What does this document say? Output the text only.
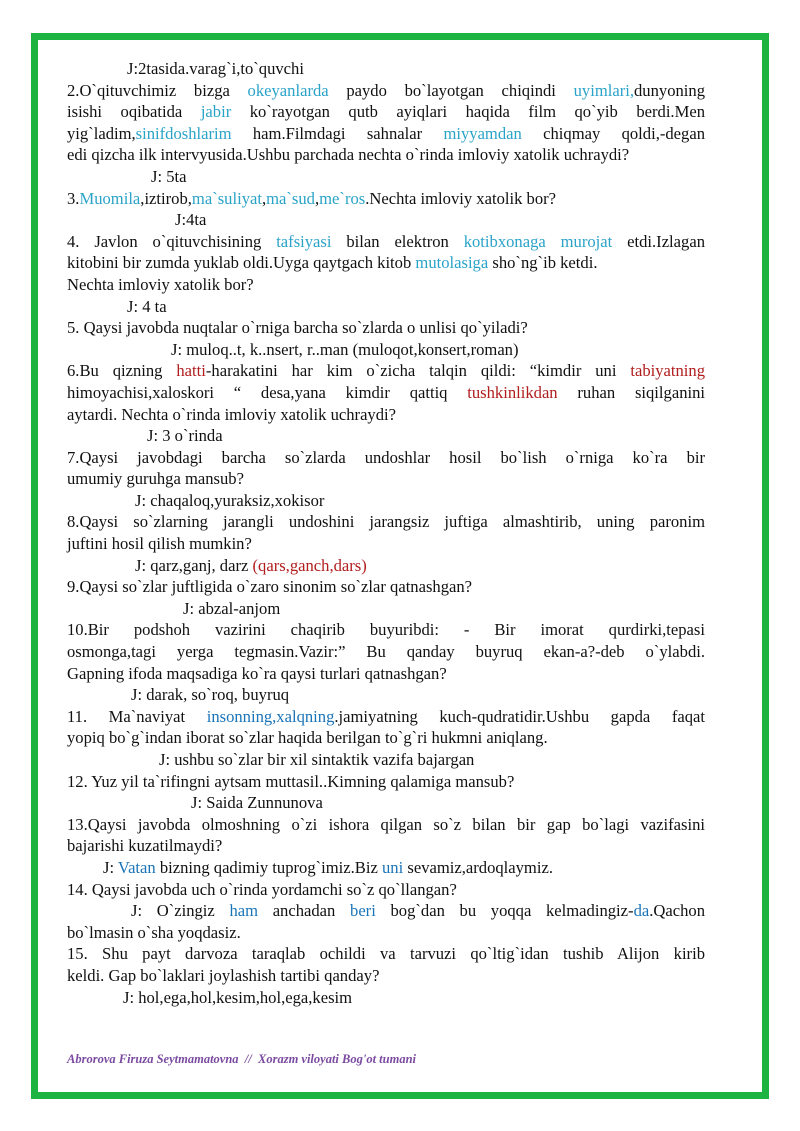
J:2tasida.varag`i,to`quvchi
2.O`qituvchimiz bizga okeyanlarda paydo bo`layotgan chiqindi uyimlari,dunyoning
isishi oqibatida jabir ko`rayotgan qutb ayiqlari haqida film qo`yib berdi.Men
yig`ladim,sinifdoshlarim ham.Filmdagi sahnalar miyyamdan chiqmay qoldi,-degan
edi qizcha ilk intervyusida.Ushbu parchada nechta o`rinda imloviy xatolik uchraydi?
J: 5ta
3.Muomila,iztirob,ma`suliyat,ma`sud,me`ros.Nechta imloviy xatolik bor?
J:4ta
4. Javlon o`qituvchisining tafsiyasi bilan elektron kotibxonaga murojat etdi.Izlagan
kitobini bir zumda yuklab oldi.Uyga qaytgach kitob mutolasiga sho`ng`ib ketdi.
Nechta imloviy xatolik bor?
J: 4 ta
5. Qaysi javobda nuqtalar o`rniga barcha so`zlarda o unlisi qo`yiladi?
J: muloq..t, k..nsert, r..man (muloqot,konsert,roman)
6.Bu qizning hatti-harakatini har kim o`zicha talqin qildi: “kimdir uni tabiyatning
himoyachisi,xaloskori “ desa,yana kimdir qattiq tushkinlikdan ruhan siqilganini
aytardi. Nechta o`rinda imloviy xatolik uchraydi?
J: 3 o`rinda
7.Qaysi javobdagi barcha so`zlarda undoshlar hosil bo`lish o`rniga ko`ra bir
umumiy guruhga mansub?
J: chaqaloq,yuraksiz,xokisor
8.Qaysi so`zlarning jarangli undoshini jarangsiz juftiga almashtirib, uning paronim
juftini hosil qilish mumkin?
J: qarz,ganj, darz (qars,ganch,dars)
9.Qaysi so`zlar juftligida o`zaro sinonim so`zlar qatnashgan?
J: abzal-anjom
10.Bir podshoh vazirini chaqirib buyuribdi: - Bir imorat qurdirki,tepasi
osmonga,tagi yerga tegmasin.Vazir:” Bu qanday buyruq ekan-a?-deb o`ylabdi.
Gapning ifoda maqsadiga ko`ra qaysi turlari qatnashgan?
J: darak, so`roq, buyruq
11. Ma`naviyat insonning,xalqning.jamiyatning kuch-qudratidir.Ushbu gapda faqat
yopiq bo`g`indan iborat so`zlar haqida berilgan to`g`ri hukmni aniqlang.
J: ushbu so`zlar bir xil sintaktik vazifa bajargan
12. Yuz yil ta`rifingni aytsam muttasil..Kimning qalamiga mansub?
J: Saida Zunnunova
13.Qaysi javobda olmoshning o`zi ishora qilgan so`z bilan bir gap bo`lagi vazifasini
bajarishi kuzatilmaydi?
J: Vatan bizning qadimiy tuprog`imiz.Biz uni sevamiz,ardoqlaymiz.
14. Qaysi javobda uch o`rinda yordamchi so`z qo`llangan?
J: O`zingiz ham anchadan beri bog`dan bu yoqqa kelmadingiz-da.Qachon
bo`lmasin o`sha yoqdasiz.
15. Shu payt darvoza taraqlab ochildi va tarvuzi qo`ltig`idan tushib Alijon kirib
keldi. Gap bo`laklari joylashish tartibi qanday?
J: hol,ega,hol,kesim,hol,ega,kesim
Abrorova Firuza Seytmamatovna // Xorazm viloyati Bog'ot tumani
